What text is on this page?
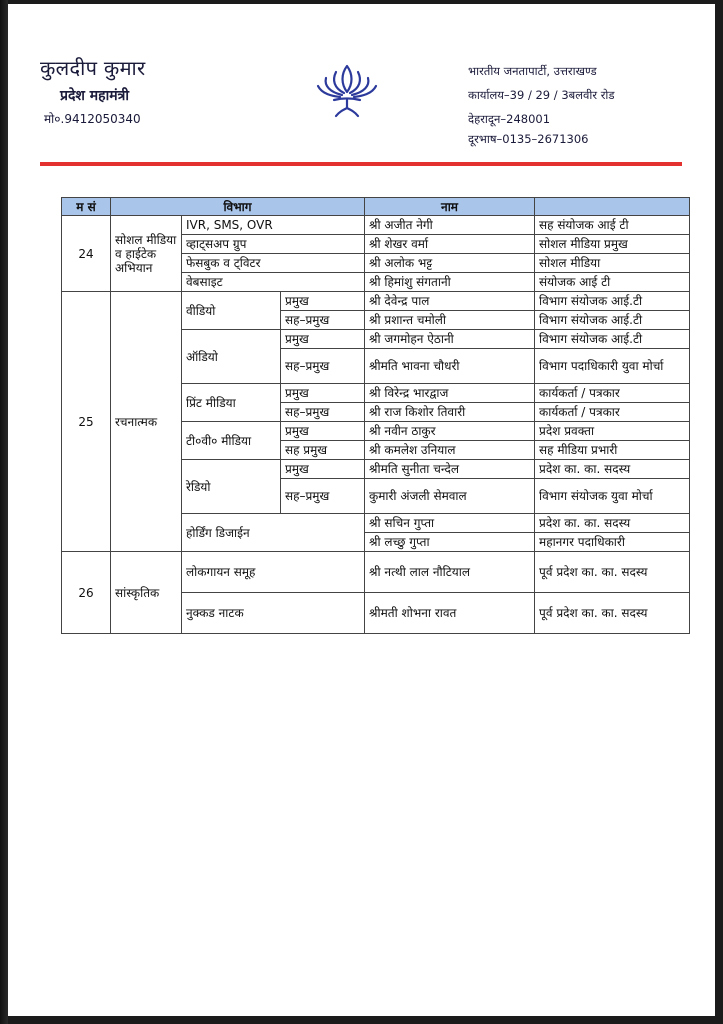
कुलदीप कुमार
प्रदेश महामंत्री
मो०.9412050340
भारतीय जनतापार्टी, उत्तराखण्ड
कार्यालय–39 / 29 / 3बलवीर रोड
देहरादून–248001
दूरभाष–0135–2671306
म सं	विभाग			नाम	
24	सोशल मीडिया व हाईटेक अभियान	IVR, SMS, OVR		श्री अजीत नेगी	सह संयोजक आई टी
		व्हाट्सअप ग्रुप		श्री शेखर वर्मा	सोशल मीडिया प्रमुख
		फेसबुक व ट्विटर		श्री अलोक भट्ट	सोशल मीडिया
		वेबसाइट		श्री हिमांशु संगतानी	संयोजक आई टी
25	रचनात्मक	वीडियो	प्रमुख	श्री देवेन्द्र पाल	विभाग संयोजक आई.टी
			सह–प्रमुख	श्री प्रशान्त चमोली	विभाग संयोजक आई.टी
		ऑडियो	प्रमुख	श्री जगमोहन ऐठानी	विभाग संयोजक आई.टी
			सह–प्रमुख	श्रीमति भावना चौधरी	विभाग पदाधिकारी युवा मोर्चा
		प्रिंट मीडिया	प्रमुख	श्री विरेन्द्र भारद्वाज	कार्यकर्ता / पत्रकार
			सह–प्रमुख	श्री राज किशोर तिवारी	कार्यकर्ता / पत्रकार
		टी०वी० मीडिया	प्रमुख	श्री नवीन ठाकुर	प्रदेश प्रवक्ता
			सह प्रमुख	श्री कमलेश उनियाल	सह मीडिया प्रभारी
		रेडियो	प्रमुख	श्रीमति सुनीता चन्देल	प्रदेश का. का. सदस्य
			सह–प्रमुख	कुमारी अंजली सेमवाल	विभाग संयोजक युवा मोर्चा
		होर्डिंग डिजाईन		श्री सचिन गुप्ता	प्रदेश का. का. सदस्य
				श्री लच्छु गुप्ता	महानगर पदाधिकारी
26	सांस्कृतिक	लोकगायन समूह		श्री नत्थी लाल नौटियाल	पूर्व प्रदेश का. का. सदस्य
		नुक्कड नाटक		श्रीमती शोभना रावत	पूर्व प्रदेश का. का. सदस्य
